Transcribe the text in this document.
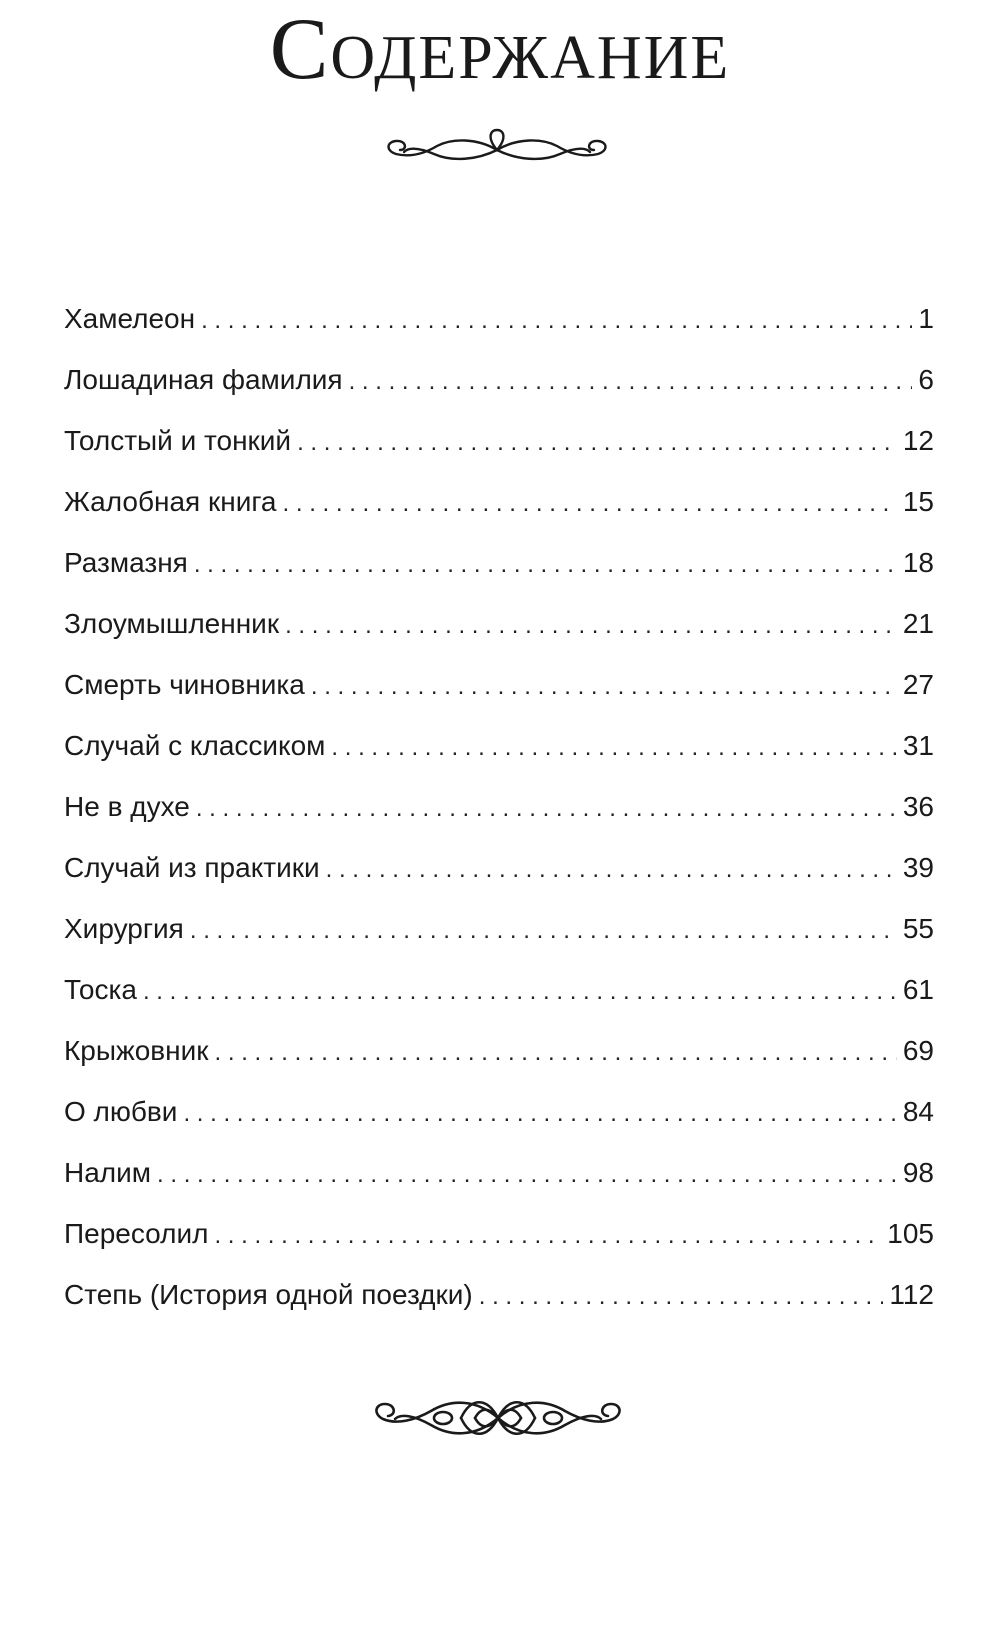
Содержание
Хамелеон . . .	1
Лошадиная фамилия . . .	6
Толстый и тонкий . . .	12
Жалобная книга . . .	15
Размазня . . .	18
Злоумышленник . . .	21
Смерть чиновника . . .	27
Случай с классиком . . .	31
Не в духе . . .	36
Случай из практики . . .	39
Хирургия . . .	55
Тоска . . .	61
Крыжовник . . .	69
О любви . . .	84
Налим . . .	98
Пересолил . . .	105
Степь (История одной поездки) . . .	112
